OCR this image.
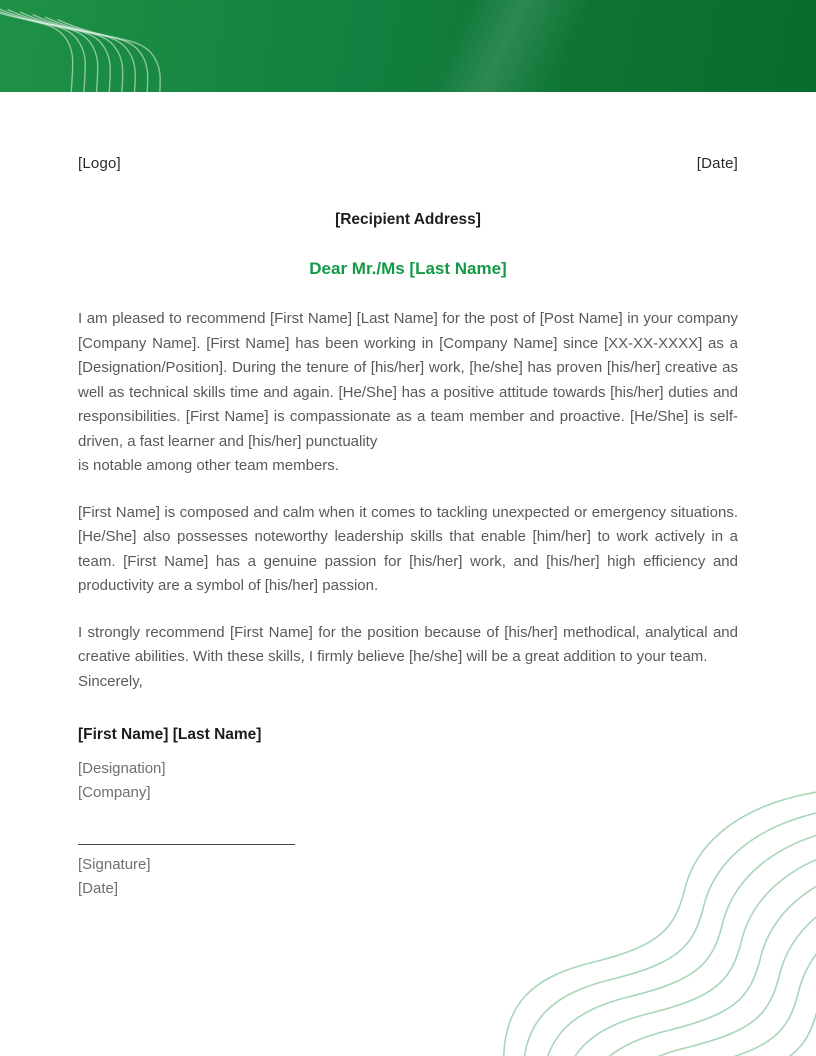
[Logo]	[Date]
[Recipient Address]
Dear Mr./Ms [Last Name]

I am pleased to recommend [First Name] [Last Name] for the post of [Post Name] in your company [Company Name]. [First Name] has been working in [Company Name] since [XX-XX-XXXX] as a [Designation/Position]. During the tenure of [his/her] work, [he/she] has proven [his/her] creative as well as technical skills time and again. [He/She] has a positive attitude towards [his/her] duties and responsibilities. [First Name] is compassionate as a team member and proactive. [He/She] is self-driven, a fast learner and [his/her] punctuality

is notable among other team members.

[First Name] is composed and calm when it comes to tackling unexpected or emergency situations. [He/She] also possesses noteworthy leadership skills that enable [him/her] to work actively in a team. [First Name] has a genuine passion for [his/her] work, and [his/her] high efficiency and productivity are a symbol of [his/her] passion.

I strongly recommend [First Name] for the position because of [his/her] methodical, analytical and creative abilities. With these skills, I firmly believe [he/she] will be a great addition to your team.

Sincerely,

[First Name] [Last Name]
[Designation]
[Company]
[Signature]
[Date]
